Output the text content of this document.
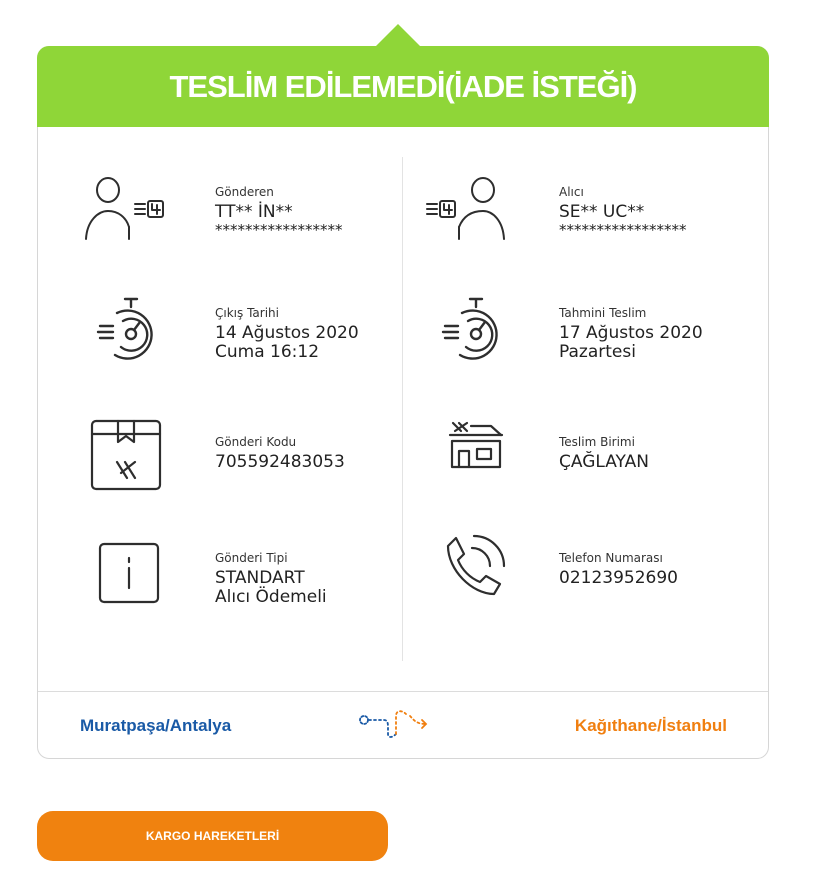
TESLİM EDİLEMEDİ(İADE İSTEĞİ)
Gönderen
TT** İN**
*****************
Çıkış Tarihi
14 Ağustos 2020
Cuma 16:12
Gönderi Kodu
705592483053
Gönderi Tipi
STANDART
Alıcı Ödemeli
Alıcı
SE** UC**
*****************
Tahmini Teslim
17 Ağustos 2020
Pazartesi
Teslim Birimi
ÇAĞLAYAN
Telefon Numarası
02123952690
Muratpaşa/Antalya	Kağıthane/İstanbul
KARGO HAREKETLERİ
